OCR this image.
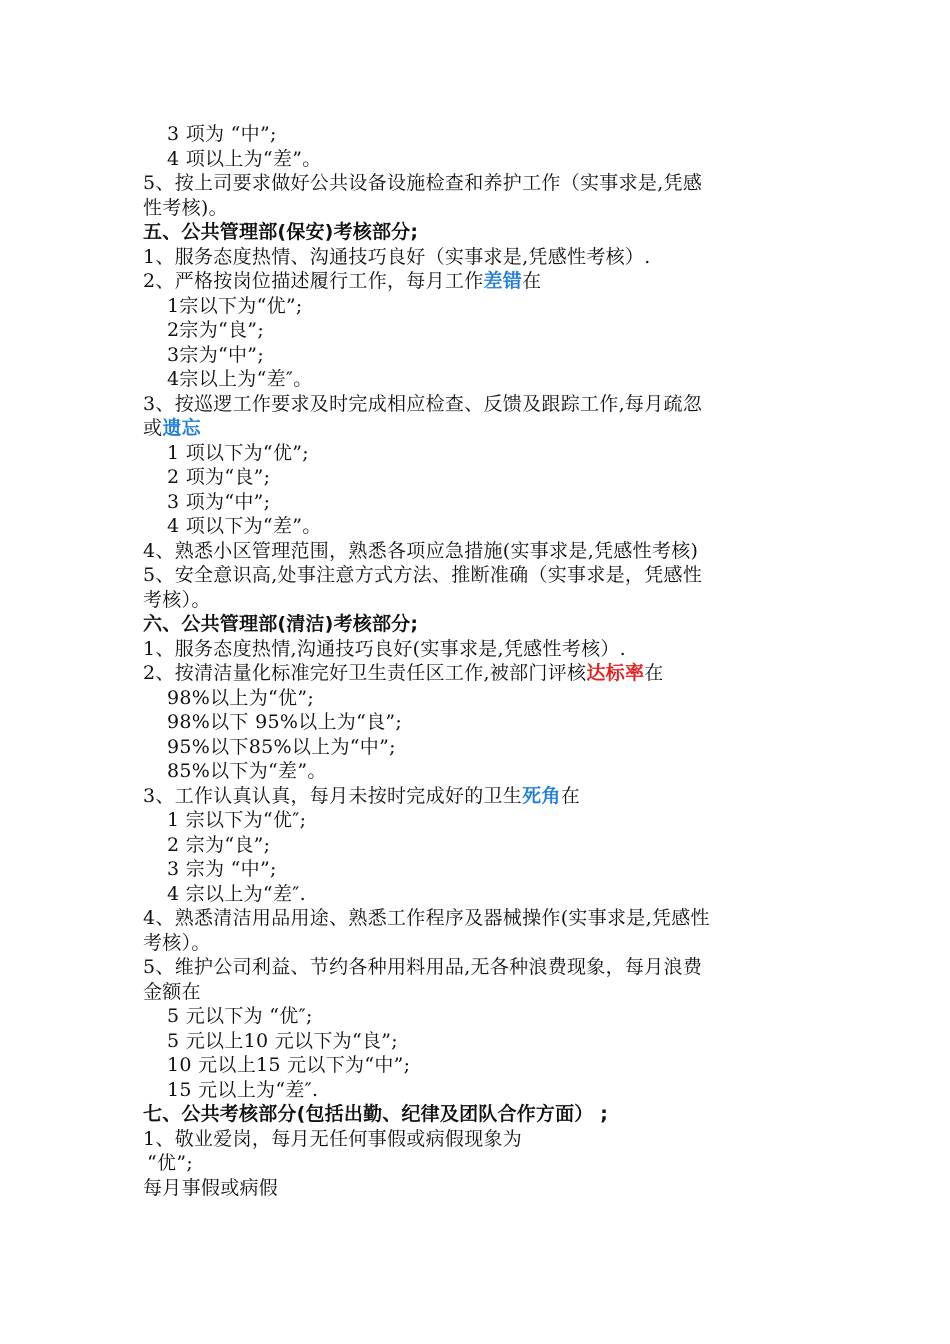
3 项为 “中”;
4 项以上为“差”。
5、按上司要求做好公共设备设施检查和养护工作（实事求是,凭感
性考核)。
五、公共管理部(保安)考核部分;
1、服务态度热情、沟通技巧良好（实事求是,凭感性考核）.
2、严格按岗位描述履行工作，每月工作差错在
1宗以下为“优”;
2宗为“良”;
3宗为“中”;
4宗以上为“差″。
3、按巡逻工作要求及时完成相应检查、反馈及跟踪工作,每月疏忽
或遗忘
1 项以下为“优”;
2 项为“良”;
3 项为“中”;
4 项以下为“差”。
4、熟悉小区管理范围，熟悉各项应急措施(实事求是,凭感性考核)
5、安全意识高,处事注意方式方法、推断准确（实事求是，凭感性
考核）。
六、公共管理部(清洁)考核部分;
1、服务态度热情,沟通技巧良好(实事求是,凭感性考核）.
2、按清洁量化标准完好卫生责任区工作,被部门评核达标率在
98%以上为“优”;
98%以下 95%以上为“良”;
95%以下85%以上为“中”;
85%以下为“差”。
3、工作认真认真，每月未按时完成好的卫生死角在
1 宗以下为“优″;
2 宗为“良”;
3 宗为 “中”;
4 宗以上为“差″.
4、熟悉清洁用品用途、熟悉工作程序及器械操作(实事求是,凭感性
考核）。
5、维护公司利益、节约各种用料用品,无各种浪费现象，每月浪费
金额在
5 元以下为 “优″;
5 元以上10 元以下为“良”;
10 元以上15 元以下为“中”;
15 元以上为“差″.
七、公共考核部分(包括出勤、纪律及团队合作方面） ;
1、敬业爱岗，每月无任何事假或病假现象为
“优”;
每月事假或病假
